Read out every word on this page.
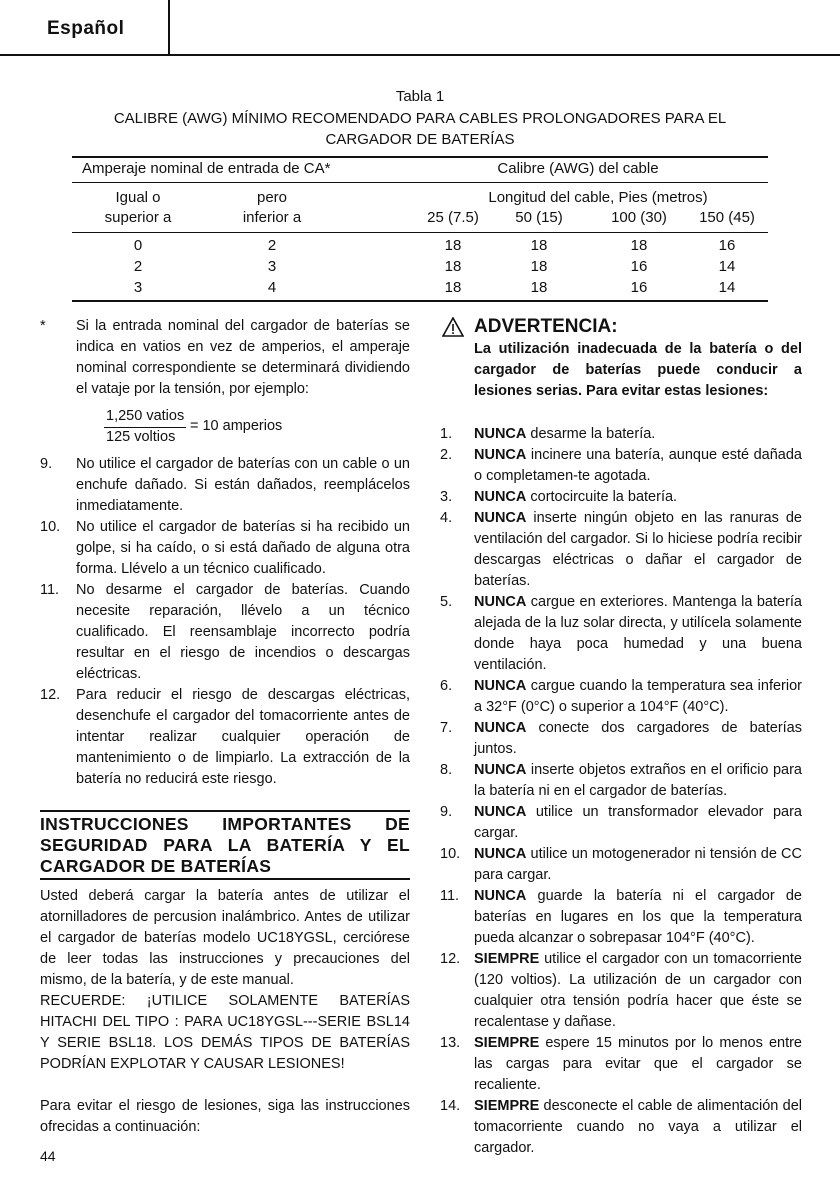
Español
Tabla 1
CALIBRE (AWG) MÍNIMO RECOMENDADO PARA CABLES PROLONGADORES PARA EL CARGADOR DE BATERÍAS
Amperaje nominal de entrada de CA*	Calibre (AWG) del cable
Igual o
superior a
pero
inferior a
Longitud del cable, Pies (metros)
25 (7.5) 50 (15)	100 (30) 150 (45)
0	2	18	18	18	16
2	3	18	18	16	14
3	4	18	18	16	14
* Si la entrada nominal del cargador de baterías se indica en vatios en vez de amperios, el amperaje nominal correspondiente se determinará dividiendo el vataje por la tensión, por ejemplo:

1,250 vatios
125 voltios
= 10 amperios
9. No utilice el cargador de baterías con un cable o un enchufe dañado. Si están dañados, reemplácelos inmediatamente.

10. No utilice el cargador de baterías si ha recibido un golpe, si ha caído, o si está dañado de alguna otra forma. Llévelo a un técnico cualificado.

11. No desarme el cargador de baterías. Cuando necesite reparación, llévelo a un técnico cualificado. El reensamblaje incorrecto podría resultar en el riesgo de incendios o descargas eléctricas.

12. Para reducir el riesgo de descargas eléctricas, desenchufe el cargador del tomacorriente antes de intentar realizar cualquier operación de mantenimiento o de limpiarlo. La extracción de la batería no reducirá este riesgo.

INSTRUCCIONES IMPORTANTES DE SEGURIDAD PARA LA BATERÍA Y EL CARGADOR DE BATERÍAS

Usted deberá cargar la batería antes de utilizar el atornilladores de percusion inalámbrico. Antes de utilizar el cargador de baterías modelo UC18YGSL, cerciórese de leer todas las instrucciones y precauciones del mismo, de la batería, y de este manual.

RECUERDE: ¡UTILICE SOLAMENTE BATERÍAS HITACHI DEL TIPO : PARA UC18YGSL---SERIE BSL14 Y SERIE BSL18. LOS DEMÁS TIPOS DE BATERÍAS PODRÍAN EXPLOTAR Y CAUSAR LESIONES!

Para evitar el riesgo de lesiones, siga las instrucciones ofrecidas a continuación:

ADVERTENCIA:

La utilización inadecuada de la batería o del cargador de baterías puede conducir a lesiones serias. Para evitar estas lesiones:

1. NUNCA desarme la batería.

2. NUNCA incinere una batería, aunque esté dañada o completamen-te agotada.

3. NUNCA cortocircuite la batería.

4. NUNCA inserte ningún objeto en las ranuras de ventilación del cargador. Si lo hiciese podría recibir descargas eléctricas o dañar el cargador de baterías.

5. NUNCA cargue en exteriores. Mantenga la batería alejada de la luz solar directa, y utilícela solamente donde haya poca humedad y una buena ventilación.

6. NUNCA cargue cuando la temperatura sea inferior a 32°F (0°C) o superior a 104°F (40°C).

7. NUNCA conecte dos cargadores de baterías juntos.

8. NUNCA inserte objetos extraños en el orificio para la batería ni en el cargador de baterías.

9. NUNCA utilice un transformador elevador para cargar.

10. NUNCA utilice un motogenerador ni tensión de CC para cargar.

11. NUNCA guarde la batería ni el cargador de baterías en lugares en los que la temperatura pueda alcanzar o sobrepasar 104°F (40°C).

12. SIEMPRE utilice el cargador con un tomacorriente (120 voltios). La utilización de un cargador con cualquier otra tensión podría hacer que éste se recalentase y dañase.

13. SIEMPRE espere 15 minutos por lo menos entre las cargas para evitar que el cargador se recaliente.

14. SIEMPRE desconecte el cable de alimentación del tomacorriente cuando no vaya a utilizar el cargador.

44
